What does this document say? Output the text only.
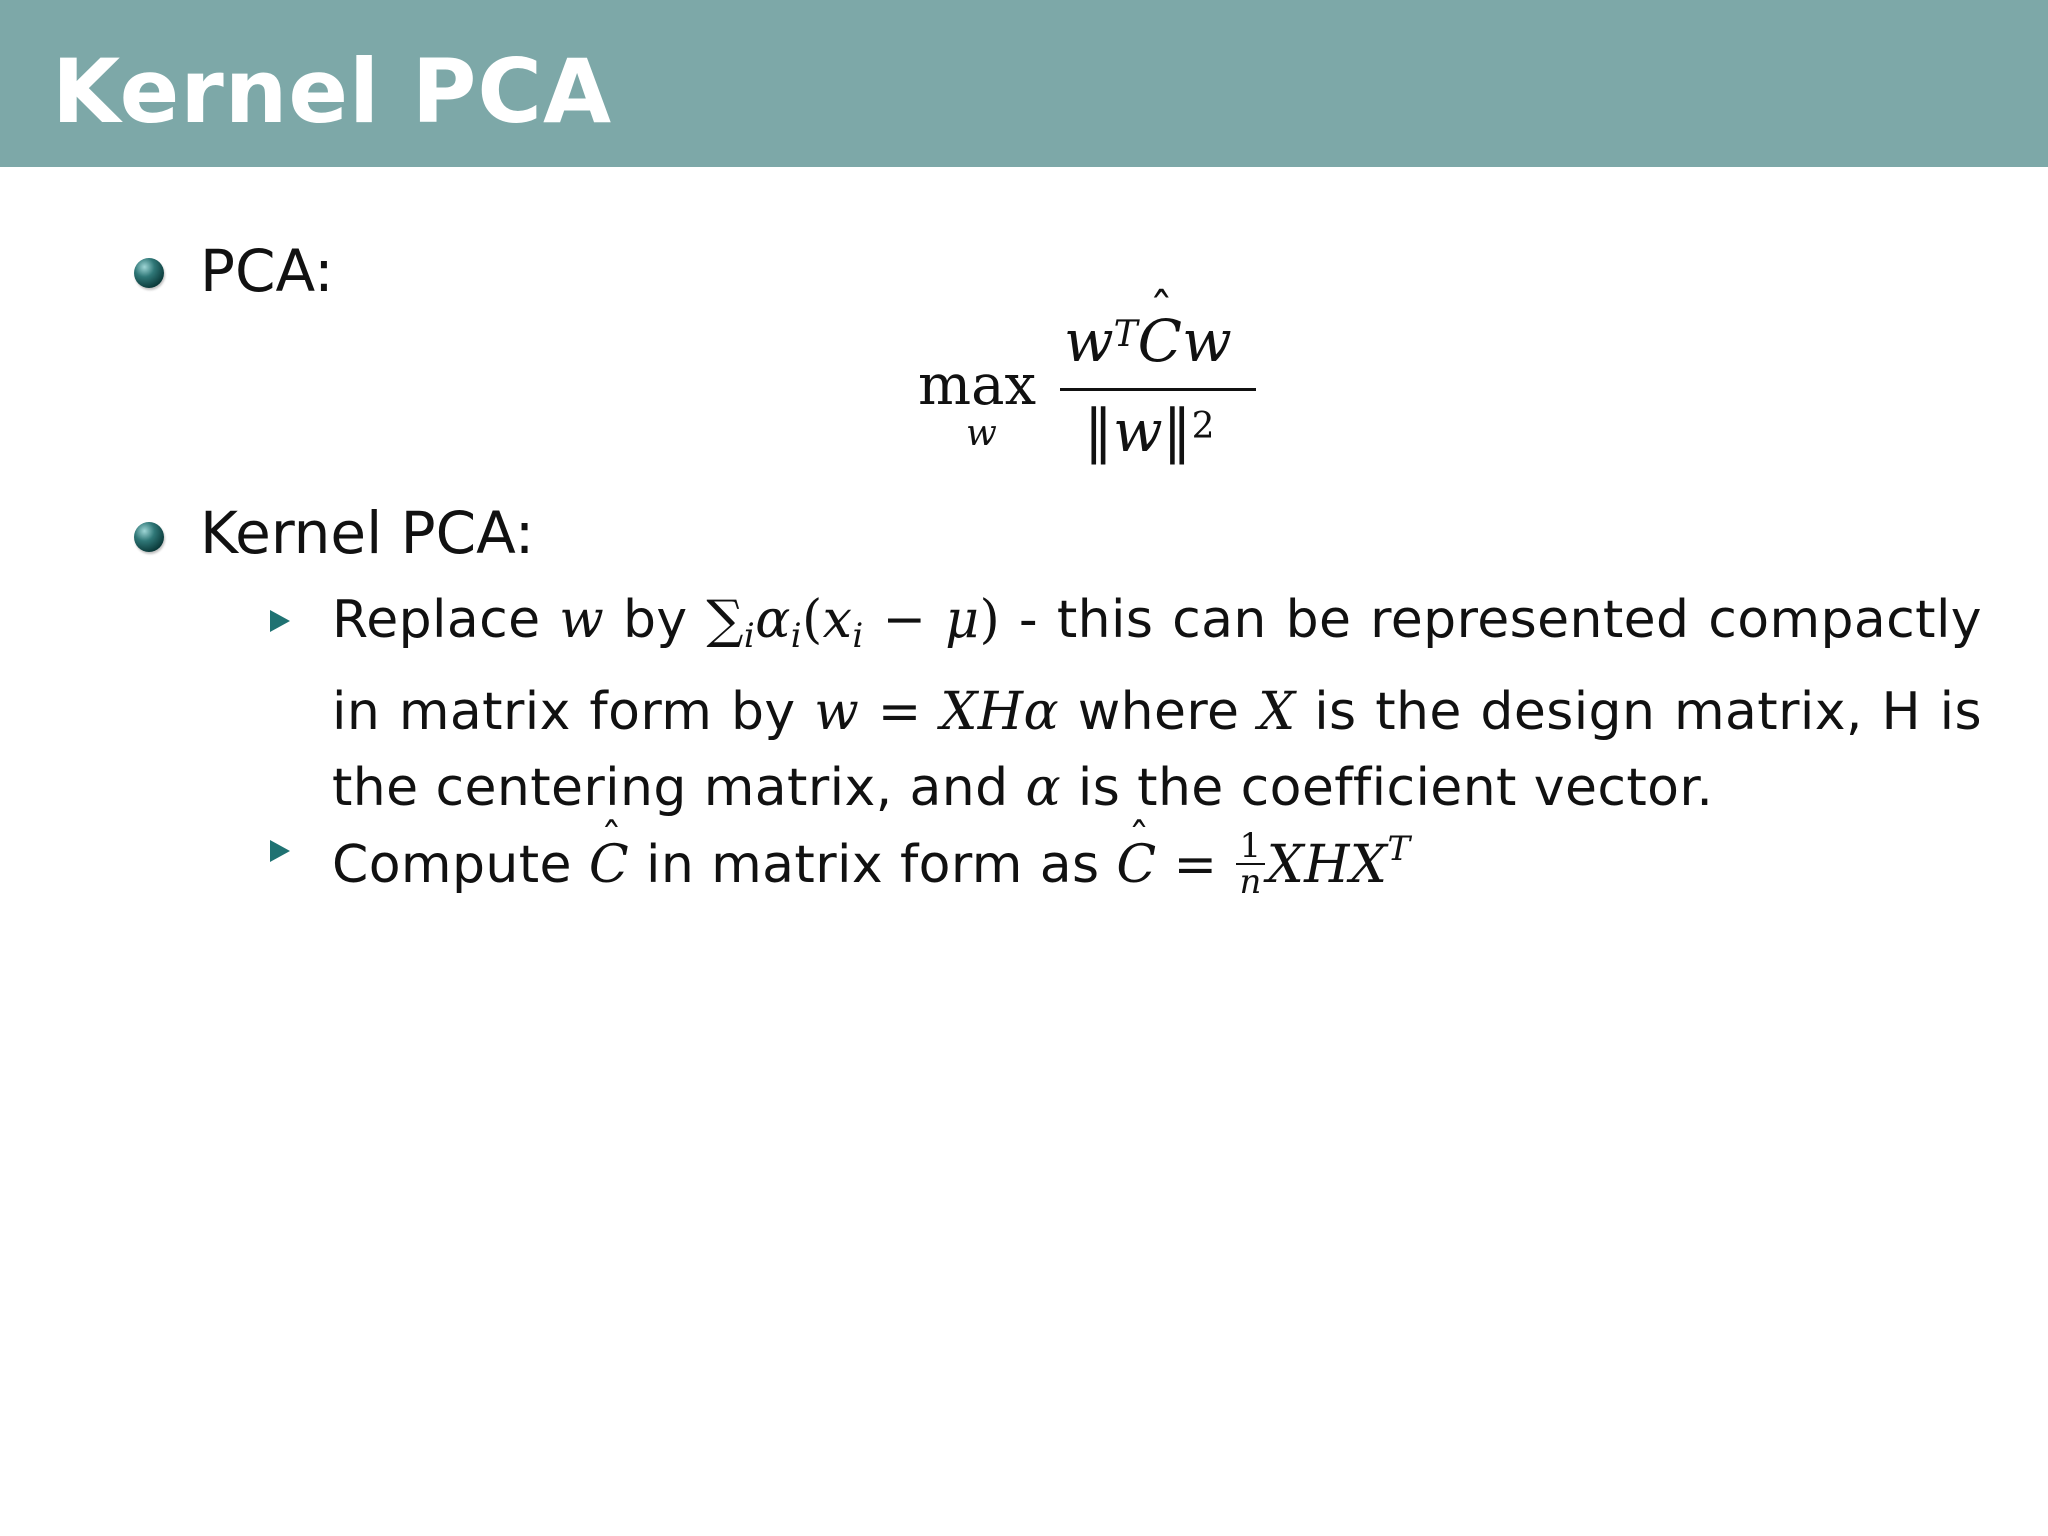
Kernel PCA

PCA:

max
w
$w^Tˆ$ Cw
‖w‖$^2$

Kernel PCA:

Replace w by $\sum_i\alpha_i(x_i - \mu)$ - this can be represented compactly
in matrix form by w = XHα where X is the design matrix, H is
the centering matrix, and α is the coefficient vector.
Compute ˆ C in matrix form as ˆ $C = \frac{1}{n} XHX^T$
